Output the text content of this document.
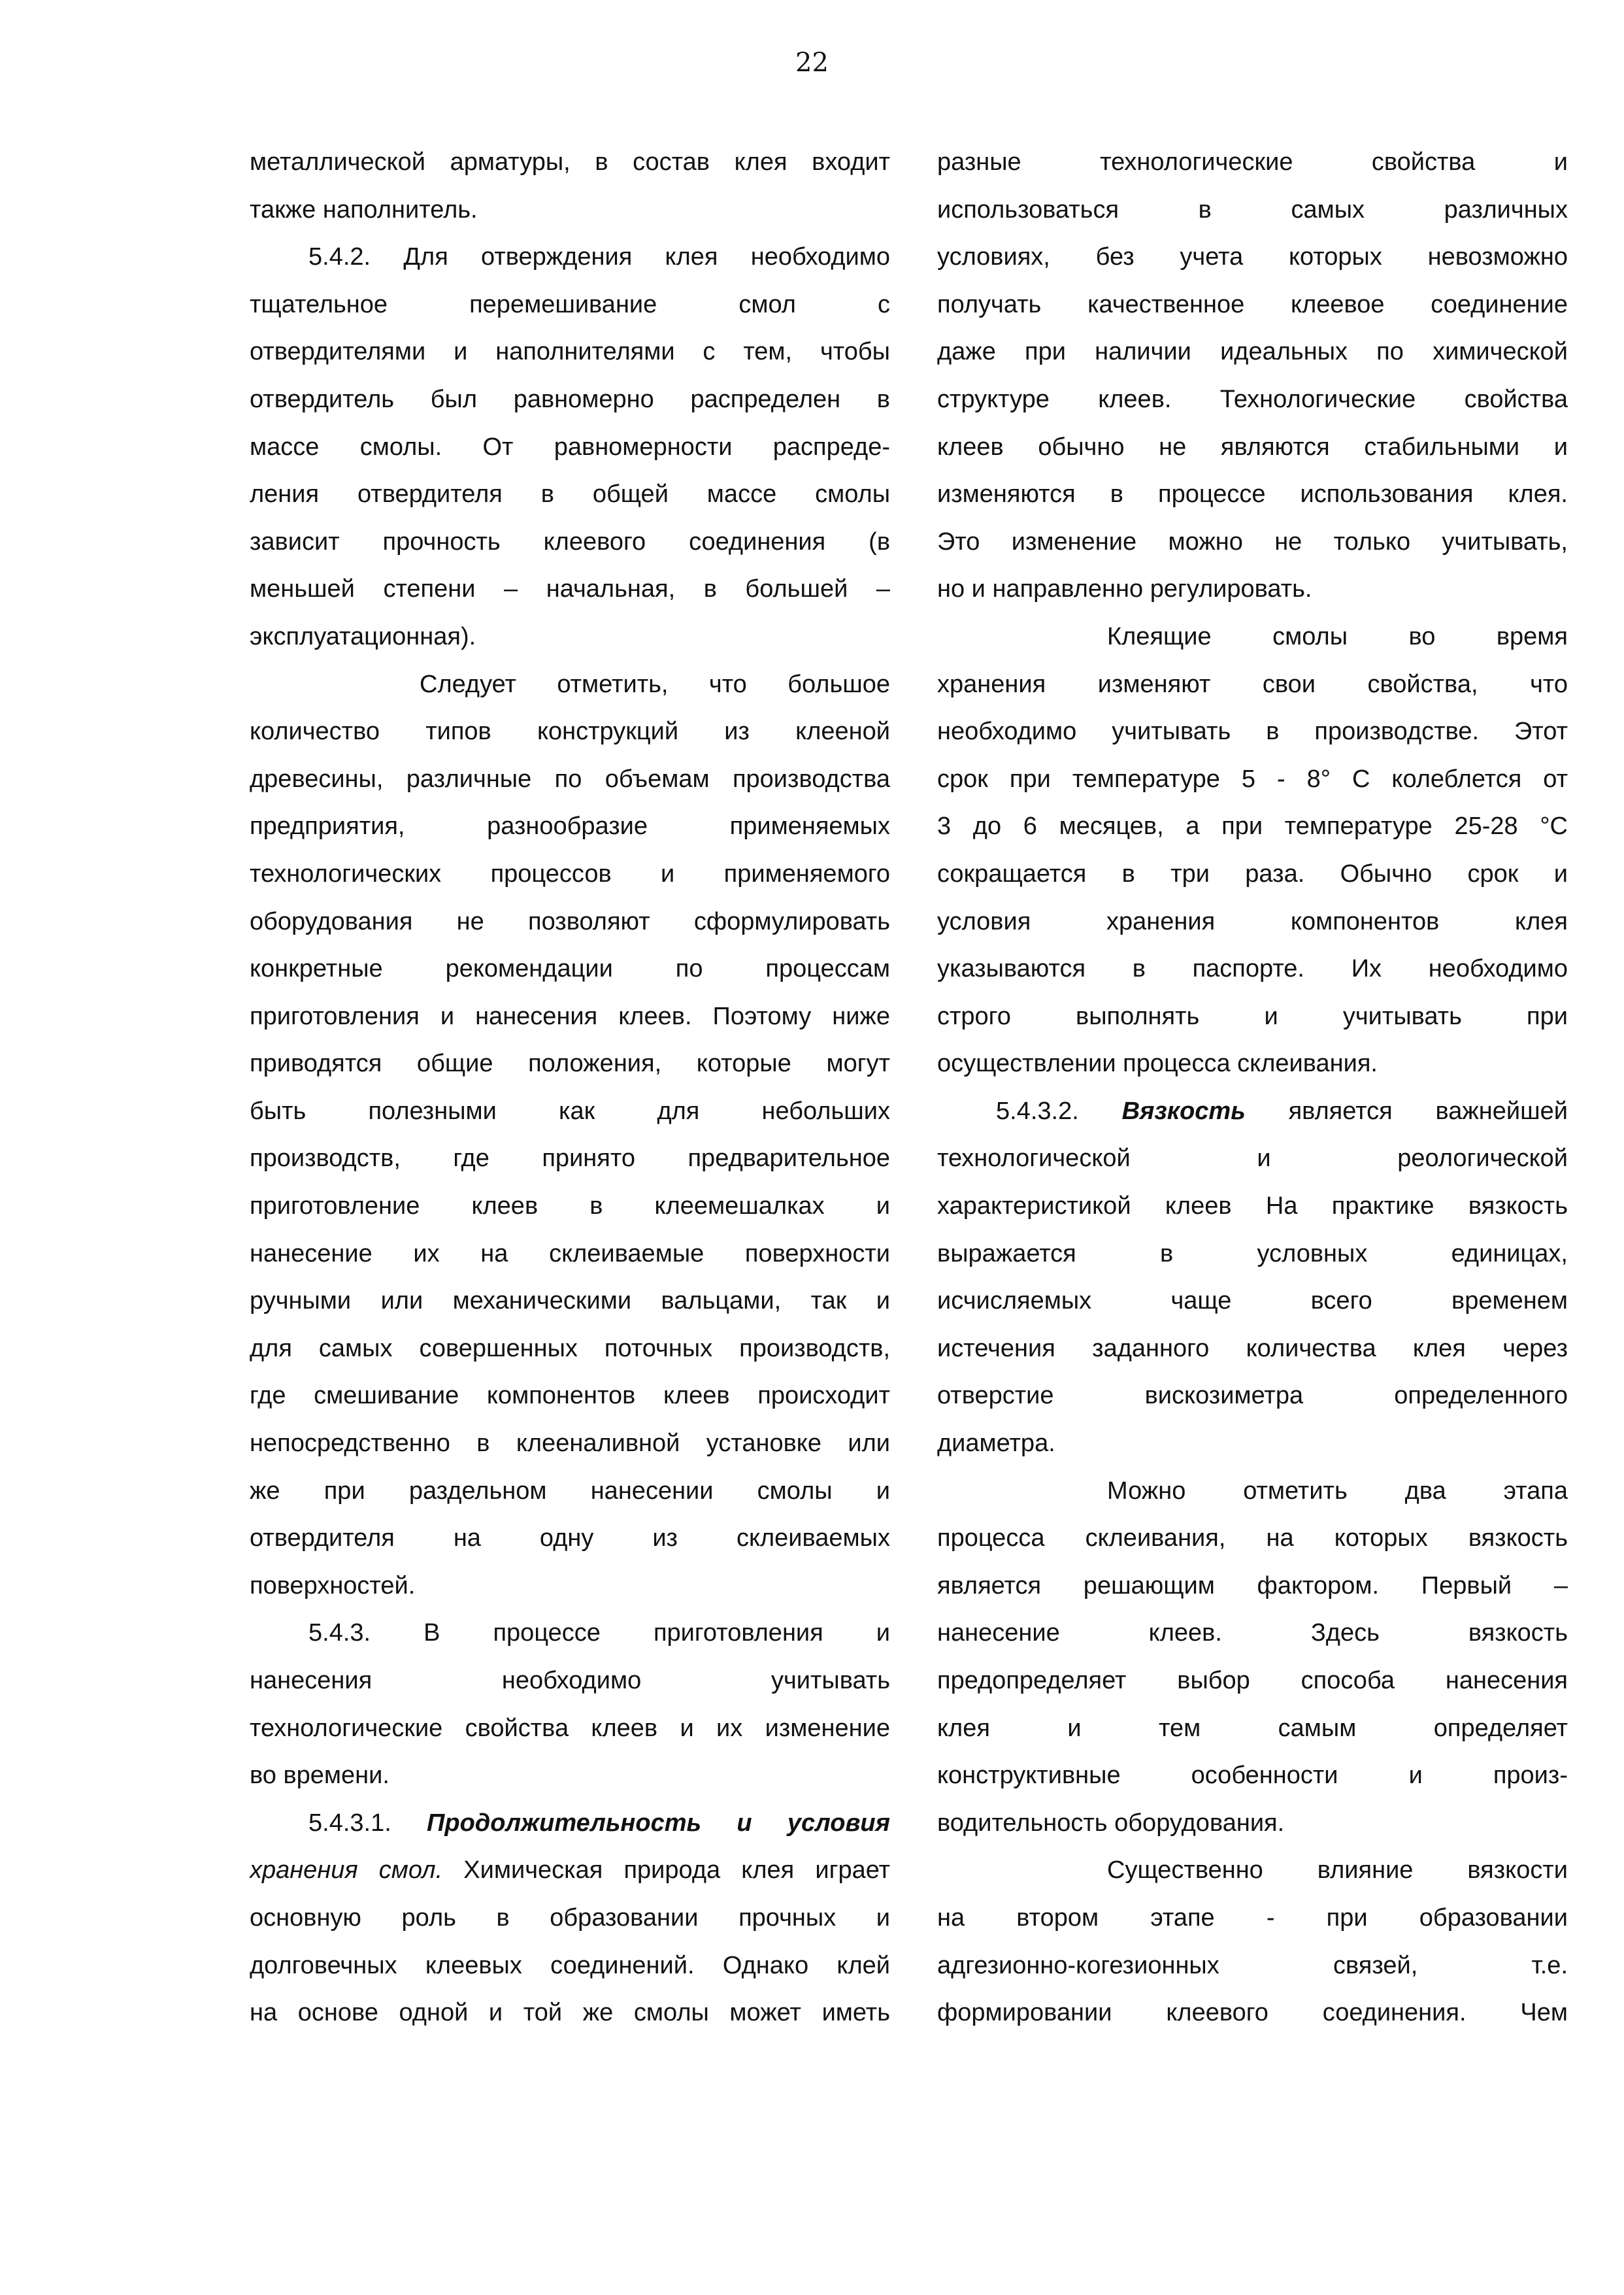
22
металлической арматуры, в состав клея входит
также наполнитель.
5.4.2. Для отверждения клея необходимо
тщательное перемешивание смол с
отвердителями и наполнителями с тем, чтобы
отвердитель был равномерно распределен в
массе смолы. От равномерности распреде-
ления отвердителя в общей массе смолы
зависит прочность клеевого соединения (в
меньшей степени – начальная, в большей –
эксплуатационная).
Следует отметить, что большое
количество типов конструкций из клееной
древесины, различные по объемам производства
предприятия, разнообразие применяемых
технологических процессов и применяемого
оборудования не позволяют сформулировать
конкретные рекомендации по процессам
приготовления и нанесения клеев. Поэтому ниже
приводятся общие положения, которые могут
быть полезными как для небольших
производств, где принято предварительное
приготовление клеев в клеемешалках и
нанесение их на склеиваемые поверхности
ручными или механическими вальцами, так и
для самых совершенных поточных производств,
где смешивание компонентов клеев происходит
непосредственно в клееналивной установке или
же при раздельном нанесении смолы и
отвердителя на одну из склеиваемых
поверхностей.
5.4.3. В процессе приготовления и
нанесения необходимо учитывать
технологические свойства клеев и их изменение
во времени.
5.4.3.1. Продолжительность и условия
хранения смол. Химическая природа клея играет
основную роль в образовании прочных и
долговечных клеевых соединений. Однако клей
на основе одной и той же смолы может иметь
разные технологические свойства и
использоваться в самых различных
условиях, без учета которых невозможно
получать качественное клеевое соединение
даже при наличии идеальных по химической
структуре клеев. Технологические свойства
клеев обычно не являются стабильными и
изменяются в процессе использования клея.
Это изменение можно не только учитывать,
но и направленно регулировать.
Клеящие смолы во время
хранения изменяют свои свойства, что
необходимо учитывать в производстве. Этот
срок при температуре 5 - 8° С колеблется от
3 до 6 месяцев, а при температуре 25-28 °С
сокращается в три раза. Обычно срок и
условия хранения компонентов клея
указываются в паспорте. Их необходимо
строго выполнять и учитывать при
осуществлении процесса склеивания.
5.4.3.2. Вязкость является важнейшей
технологической и реологической
характеристикой клеев На практике вязкость
выражается в условных единицах,
исчисляемых чаще всего временем
истечения заданного количества клея через
отверстие вискозиметра определенного
диаметра.
Можно отметить два этапа
процесса склеивания, на которых вязкость
является решающим фактором. Первый –
нанесение клеев. Здесь вязкость
предопределяет выбор способа нанесения
клея и тем самым определяет
конструктивные особенности и произ-
водительность оборудования.
Существенно влияние вязкости
на втором этапе - при образовании
адгезионно-когезионных связей, т.е.
формировании клеевого соединения. Чем
